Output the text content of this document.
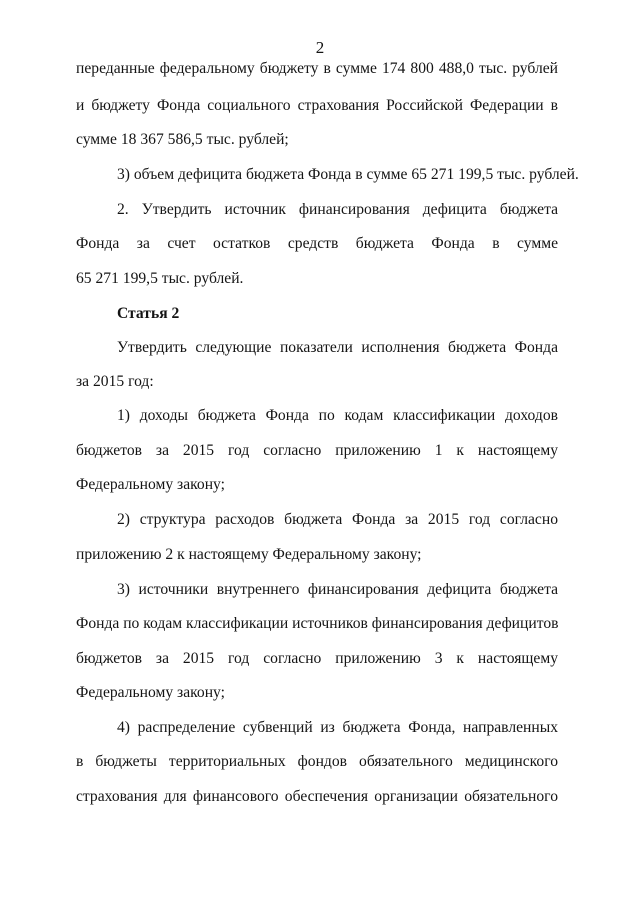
2
переданные федеральному бюджету в сумме 174 800 488,0 тыс. рублей
и бюджету Фонда социального страхования Российской Федерации в
сумме 18 367 586,5 тыс. рублей;
3) объем дефицита бюджета Фонда в сумме 65 271 199,5 тыс. рублей.
2. Утвердить источник финансирования дефицита бюджета
Фонда за счет остатков средств бюджета Фонда в сумме
65 271 199,5 тыс. рублей.
Статья 2
Утвердить следующие показатели исполнения бюджета Фонда
за 2015 год:
1) доходы бюджета Фонда по кодам классификации доходов
бюджетов за 2015 год согласно приложению 1 к настоящему
Федеральному закону;
2) структура расходов бюджета Фонда за 2015 год согласно
приложению 2 к настоящему Федеральному закону;
3) источники внутреннего финансирования дефицита бюджета
Фонда по кодам классификации источников финансирования дефицитов
бюджетов за 2015 год согласно приложению 3 к настоящему
Федеральному закону;
4) распределение субвенций из бюджета Фонда, направленных
в бюджеты территориальных фондов обязательного медицинского
страхования для финансового обеспечения организации обязательного
